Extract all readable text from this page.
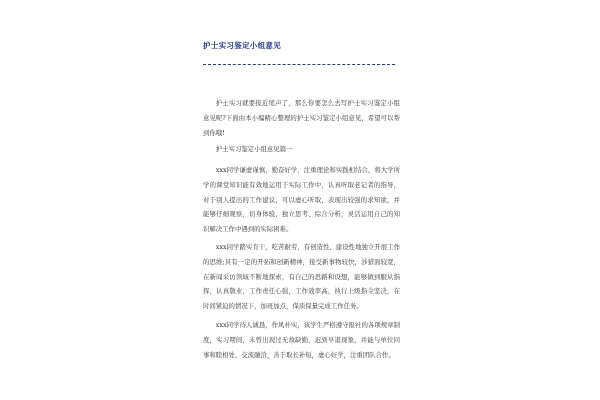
护士实习鉴定小组意见
护士实习就要接近尾声了，那么你要怎么去写护士实习鉴定小组意见呢?下面由本小编精心整理的护士实习鉴定小组意见，希望可以帮到你哦!
护士实习鉴定小组意见篇一
xxx同学谦虚谨慎，勤奋好学，注重理论和实践相结合，将大学所学的课堂知识能有效地运用于实际工作中，认真听取老记者的指导，对于别人提出的工作建议，可以虚心听取，表现出较强的求知欲，并能够仔细观察，切身体验、独立思考、综合分析，灵活运用自己的知识解决工作中遇到的实际困难。
xxx同学踏实肯干，吃苦耐劳，有创造性、建设性地独立开展工作的思维;具有一定的开拓和创新精神，接受新事物较快，涉猎面较宽，在新闻采访领域不断地探索，有自己的思路和设想，能够做到服从指挥，认真敬业，工作责任心强，工作效率高，执行上级指令坚决，在时间紧迫的情况下，加班加点，保质保量完成工作任务。
xxx同学待人诚恳，作风朴实，该学生严格遵守报社的各项规章制度，实习期间，未曾出现过无故缺勤，迟到早退现象，并能与单位同事和睦相处，交流融洽，善于取长补短，虚心好学，注重团队合作。
